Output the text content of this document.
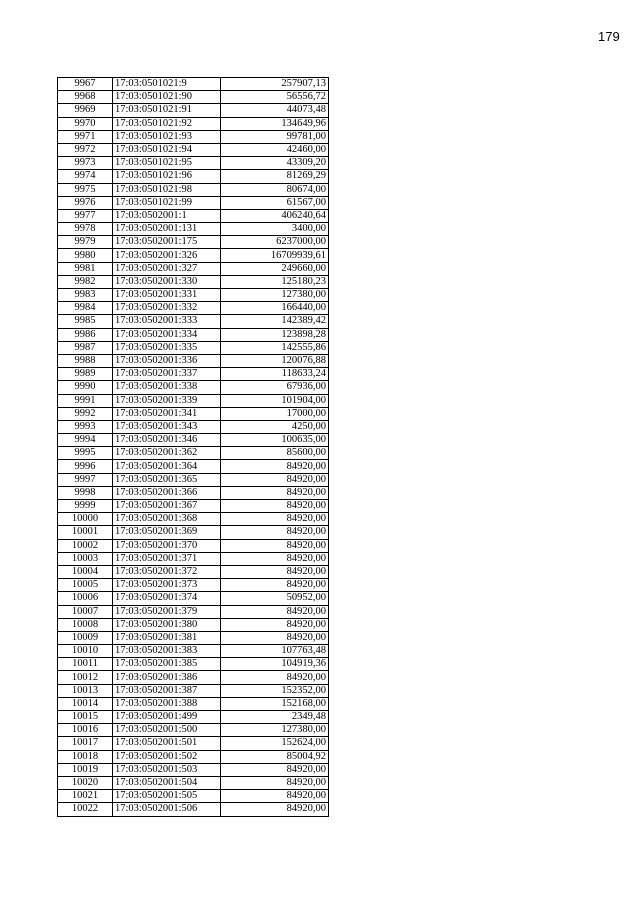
179
9967	17:03:0501021:9	257907,13
9968	17:03:0501021:90	56556,72
9969	17:03:0501021:91	44073,48
9970	17:03:0501021:92	134649,96
9971	17:03:0501021:93	99781,00
9972	17:03:0501021:94	42460,00
9973	17:03:0501021:95	43309,20
9974	17:03:0501021:96	81269,29
9975	17:03:0501021:98	80674,00
9976	17:03:0501021:99	61567,00
9977	17:03:0502001:1	406240,64
9978	17:03:0502001:131	3400,00
9979	17:03:0502001:175	6237000,00
9980	17:03:0502001:326	16709939,61
9981	17:03:0502001:327	249660,00
9982	17:03:0502001:330	125180,23
9983	17:03:0502001:331	127380,00
9984	17:03:0502001:332	166440,00
9985	17:03:0502001:333	142389,42
9986	17:03:0502001:334	123898,28
9987	17:03:0502001:335	142555,86
9988	17:03:0502001:336	120076,88
9989	17:03:0502001:337	118633,24
9990	17:03:0502001:338	67936,00
9991	17:03:0502001:339	101904,00
9992	17:03:0502001:341	17000,00
9993	17:03:0502001:343	4250,00
9994	17:03:0502001:346	100635,00
9995	17:03:0502001:362	85600,00
9996	17:03:0502001:364	84920,00
9997	17:03:0502001:365	84920,00
9998	17:03:0502001:366	84920,00
9999	17:03:0502001:367	84920,00
10000	17:03:0502001:368	84920,00
10001	17:03:0502001:369	84920,00
10002	17:03:0502001:370	84920,00
10003	17:03:0502001:371	84920,00
10004	17:03:0502001:372	84920,00
10005	17:03:0502001:373	84920,00
10006	17:03:0502001:374	50952,00
10007	17:03:0502001:379	84920,00
10008	17:03:0502001:380	84920,00
10009	17:03:0502001:381	84920,00
10010	17:03:0502001:383	107763,48
10011	17:03:0502001:385	104919,36
10012	17:03:0502001:386	84920,00
10013	17:03:0502001:387	152352,00
10014	17:03:0502001:388	152168,00
10015	17:03:0502001:499	2349,48
10016	17:03:0502001:500	127380,00
10017	17:03:0502001:501	152624,00
10018	17:03:0502001:502	85004,92
10019	17:03:0502001:503	84920,00
10020	17:03:0502001:504	84920,00
10021	17:03:0502001:505	84920,00
10022	17:03:0502001:506	84920,00
